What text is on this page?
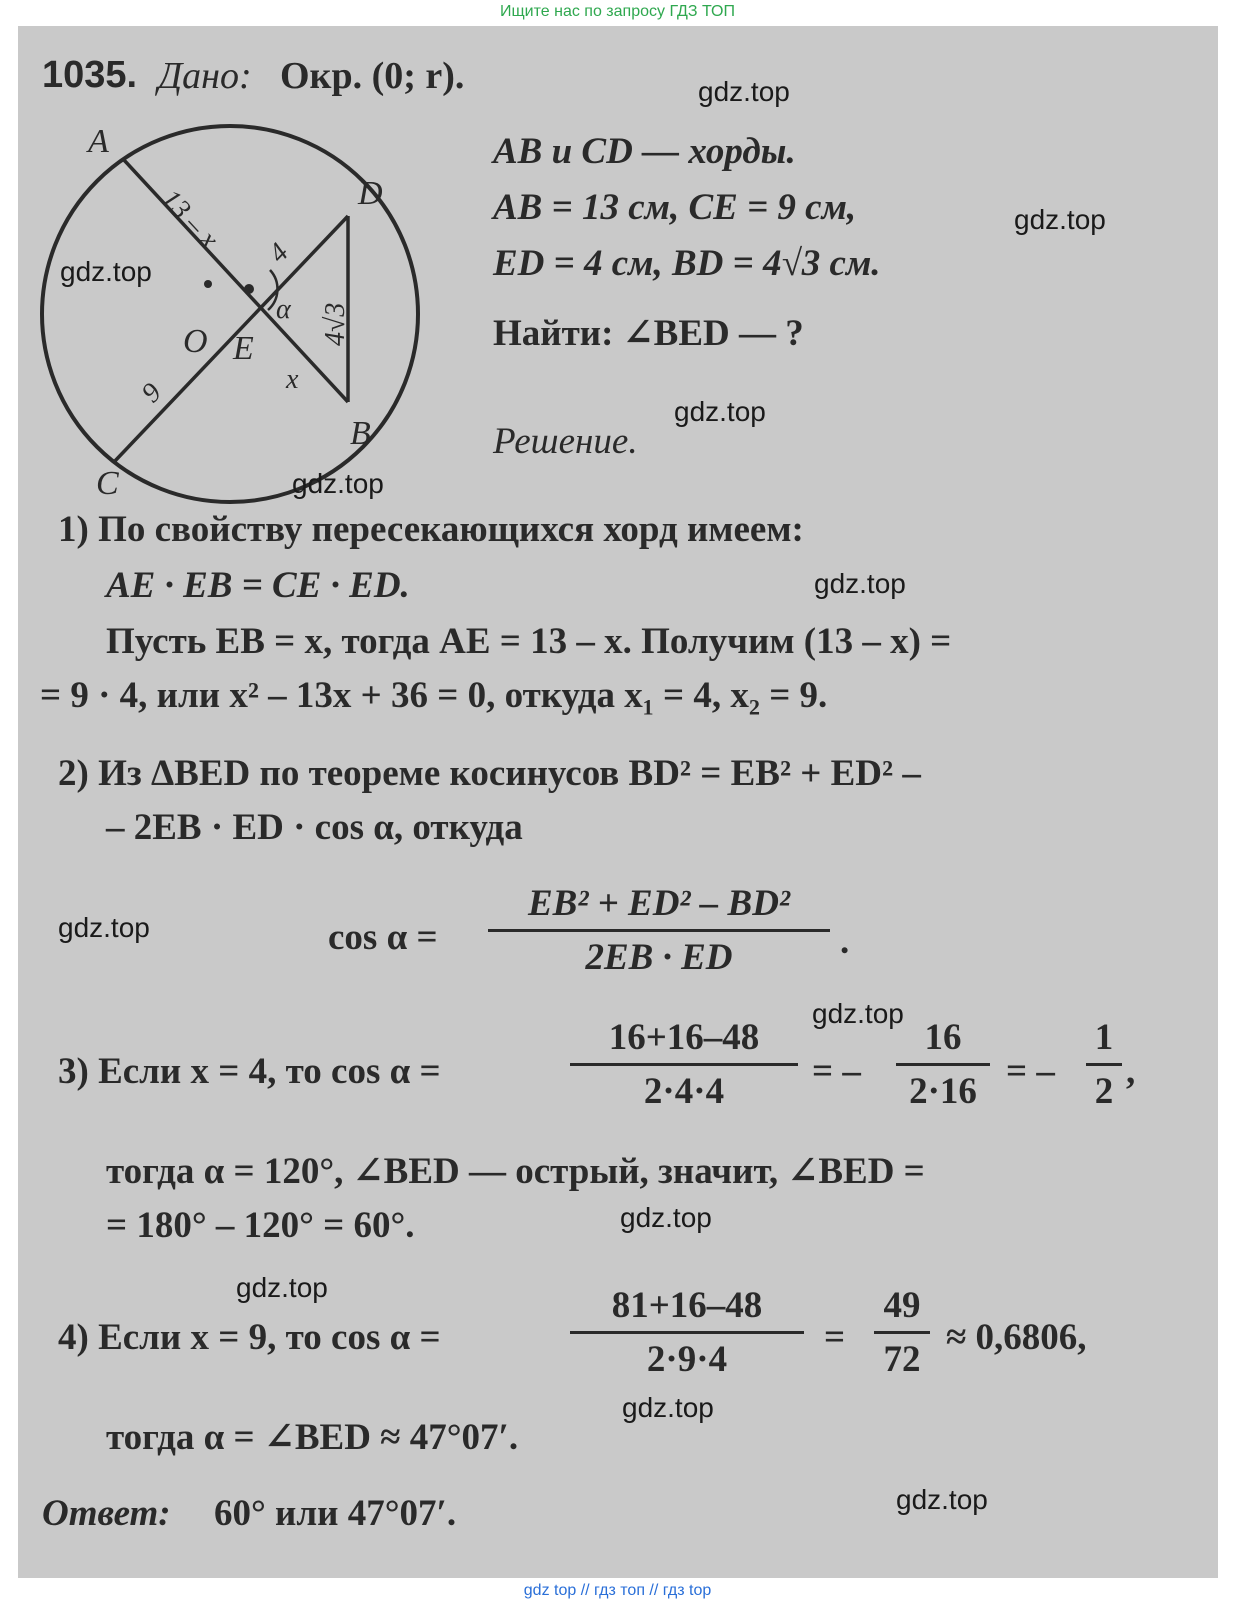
Ищите нас по запросу ГДЗ ТОП
1035. Дано: Окр. (0; r).
A
D
B
C
E
O
α
13 – x 4
9	x
4√3
AB и CD — хорды.
AB = 13 см, CE = 9 см,
ED = 4 см, BD = 4√3 см.
Найти: ∠BED — ?
Решение.
1) По свойству пересекающихся хорд имеем:
AE · EB = CE · ED.
Пусть EB = x, тогда AE = 13 – x. Получим (13 – x) =
= 9 · 4, или x² – 13x + 36 = 0, откуда x₁ = 4, x₂ = 9.
2) Из ΔBED по теореме косинусов BD² = EB² + ED² –
– 2EB · ED · cos α, откуда
cos α =
EB² + ED² – BD²
2EB · ED	.
3) Если x = 4, то cos α =
16+16–48
2·4·4	= –
16
2·16 = –
1
2 ,
тогда α = 120°, ∠BED — острый, значит, ∠BED =
= 180° – 120° = 60°.
4) Если x = 9, то cos α =
81+16–48
2·9·4
=
49
72
≈ 0,6806,
тогда α = ∠BED ≈ 47°07′.
Ответ: 60° или 47°07′.
gdz.top
gdz.top
gdz.top
gdz.top
gdz.top
gdz.top
gdz.top
gdz.top
gdz.top
gdz.top
gdz.top
gdz.top
gdz top // гдз топ // гдз top
